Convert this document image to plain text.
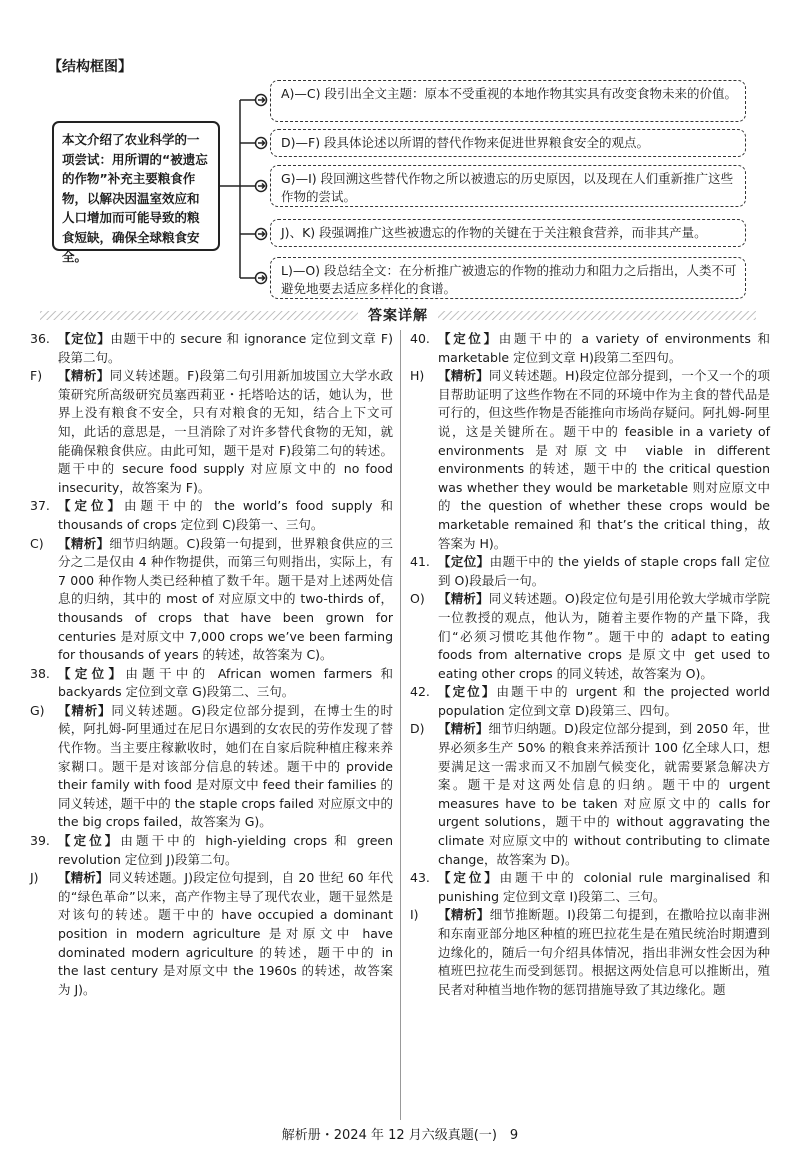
【结构框图】
本文介绍了农业科学的一项尝试：用所谓的“被遗忘的作物”补充主要粮食作物，以解决因温室效应和人口增加而可能导致的粮食短缺，确保全球粮食安全。
A)—C) 段引出全文主题：原本不受重视的本地作物其实具有改变食物未来的价值。
D)—F) 段具体论述以所谓的替代作物来促进世界粮食安全的观点。
G)—I) 段回溯这些替代作物之所以被遗忘的历史原因，以及现在人们重新推广这些作物的尝试。
J)、K) 段强调推广这些被遗忘的作物的关键在于关注粮食营养，而非其产量。
L)—O) 段总结全文：在分析推广被遗忘的作物的推动力和阻力之后指出，人类不可避免地要去适应多样化的食谱。
答案详解
36. 【定位】由题干中的 secure 和 ignorance 定位到文章 F)段第二句。
F)	【精析】同义转述题。F)段第二句引用新加坡国立大学水政策研究所高级研究员塞西莉亚・托塔哈达的话，她认为，世界上没有粮食不安全，只有对粮食的无知，结合上下文可知，此话的意思是，一旦消除了对许多替代食物的无知，就能确保粮食供应。由此可知，题干是对 F)段第二句的转述。题干中的 secure food supply 对应原文中的 no food insecurity，故答案为 F)。
37. 【定位】由题干中的 the world’s food supply 和 thousands of crops 定位到 C)段第一、三句。
C)	【精析】细节归纳题。C)段第一句提到，世界粮食供应的三分之二是仅由 4 种作物提供，而第三句则指出，实际上，有 7 000 种作物人类已经种植了数千年。题干是对上述两处信息的归纳，其中的 most of 对应原文中的 two-thirds of，thousands of crops that have been grown for centuries 是对原文中 7,000 crops we’ve been farming for thousands of years 的转述，故答案为 C)。
38. 【定位】由题干中的 African women farmers 和 backyards 定位到文章 G)段第二、三句。
G)	【精析】同义转述题。G)段定位部分提到，在博士生的时候，阿扎姆-阿里通过在尼日尔遇到的女农民的劳作发现了替代作物。当主要庄稼歉收时，她们在自家后院种植庄稼来养家糊口。题干是对该部分信息的转述。题干中的 provide their family with food 是对原文中 feed their families 的同义转述，题干中的 the staple crops failed 对应原文中的 the big crops failed，故答案为 G)。
39. 【定位】由题干中的 high-yielding crops 和 green revolution 定位到 J)段第二句。
J)	【精析】同义转述题。J)段定位句提到，自 20 世纪 60 年代的“绿色革命”以来，高产作物主导了现代农业，题干显然是对该句的转述。题干中的 have occupied a dominant position in modern agriculture 是对原文中 have dominated modern agriculture 的转述，题干中的 in the last century 是对原文中 the 1960s 的转述，故答案为 J)。
40. 【定位】由题干中的 a variety of environments 和 marketable 定位到文章 H)段第二至四句。
H)	【精析】同义转述题。H)段定位部分提到，一个又一个的项目帮助证明了这些作物在不同的环境中作为主食的替代品是可行的，但这些作物是否能推向市场尚存疑问。阿扎姆-阿里说，这是关键所在。题干中的 feasible in a variety of environments 是对原文中 viable in different environments 的转述，题干中的 the critical question was whether they would be marketable 则对应原文中的 the question of whether these crops would be marketable remained 和 that’s the critical thing，故答案为 H)。
41. 【定位】由题干中的 the yields of staple crops fall 定位到 O)段最后一句。
O)	【精析】同义转述题。O)段定位句是引用伦敦大学城市学院一位教授的观点，他认为，随着主要作物的产量下降，我们“必须习惯吃其他作物”。题干中的 adapt to eating foods from alternative crops 是原文中 get used to eating other crops 的同义转述，故答案为 O)。
42. 【定位】由题干中的 urgent 和 the projected world population 定位到文章 D)段第三、四句。
D)	【精析】细节归纳题。D)段定位部分提到，到 2050 年，世界必须多生产 50% 的粮食来养活预计 100 亿全球人口，想要满足这一需求而又不加剧气候变化，就需要紧急解决方案。题干是对这两处信息的归纳。题干中的 urgent measures have to be taken 对应原文中的 calls for urgent solutions，题干中的 without aggravating the climate 对应原文中的 without contributing to climate change，故答案为 D)。
43. 【定位】由题干中的 colonial rule marginalised 和 punishing 定位到文章 I)段第二、三句。
I)	【精析】细节推断题。I)段第二句提到，在撒哈拉以南非洲和东南亚部分地区种植的班巴拉花生是在殖民统治时期遭到边缘化的，随后一句介绍具体情况，指出非洲女性会因为种植班巴拉花生而受到惩罚。根据这两处信息可以推断出，殖民者对种植当地作物的惩罚措施导致了其边缘化。题
解析册・2024 年 12 月六级真题(一)　9
